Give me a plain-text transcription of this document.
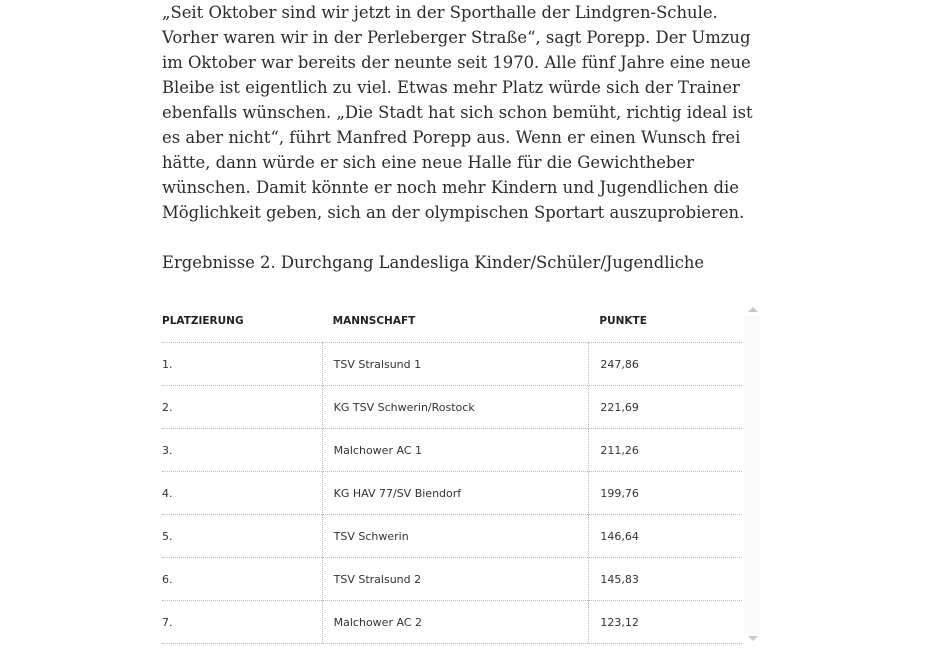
„Seit Oktober sind wir jetzt in der Sporthalle der Lindgren-Schule. Vorher waren wir in der Perleberger Straße“, sagt Porepp. Der Umzug im Oktober war bereits der neunte seit 1970. Alle fünf Jahre eine neue Bleibe ist eigentlich zu viel. Etwas mehr Platz würde sich der Trainer ebenfalls wünschen. „Die Stadt hat sich schon bemüht, richtig ideal ist es aber nicht“, führt Manfred Porepp aus. Wenn er einen Wunsch frei hätte, dann würde er sich eine neue Halle für die Gewichtheber wünschen. Damit könnte er noch mehr Kindern und Jugendlichen die Möglichkeit geben, sich an der olympischen Sportart auszuprobieren.

Ergebnisse 2. Durchgang Landesliga Kinder/Schüler/Jugendliche

PLATZIERUNG	MANNSCHAFT	PUNKTE
1.	TSV Stralsund 1	247,86
2.	KG TSV Schwerin/Rostock	221,69
3.	Malchower AC 1	211,26
4.	KG HAV 77/SV Biendorf	199,76
5.	TSV Schwerin	146,64
6.	TSV Stralsund 2	145,83
7.	Malchower AC 2	123,12
